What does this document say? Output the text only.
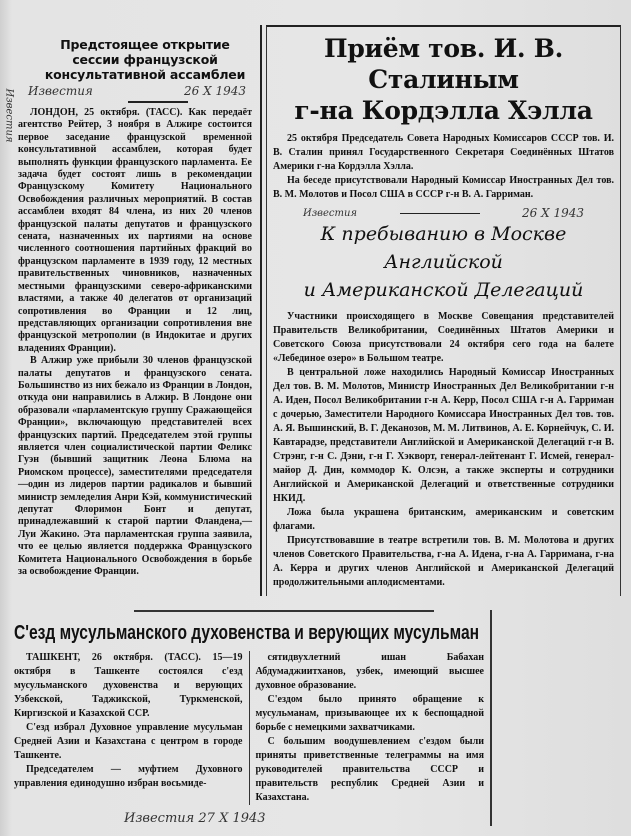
Известия
Предстоящее открытие сессии французской консультативной ассамблеи
Известия	26 X 1943

ЛОНДОН, 25 октября. (ТАСС). Как передаёт агентство Рейтер, 3 ноября в Алжире состоится первое заседание французской временной консультативной ассамблеи, которая будет выполнять функции французского парламента. Ее задача будет состоят лишь в рекомендации Французскому Комитету Национального Освобождения различных мероприятий. В состав ассамблеи входят 84 члена, из них 20 членов французской палаты депутатов и французского сената, назначенных их партиями на основе численного соотношения партийных фракций во французском парламенте в 1939 году, 12 местных правительственных чиновников, назначенных местными французскими северо-африканскими властями, а также 40 делегатов от организаций сопротивления во Франции и 12 лиц, представляющих организации сопротивления вне французской метрополии (в Индокитае и других владениях Франции).

В Алжир уже прибыли 30 членов французской палаты депутатов и французского сената. Большинство из них бежало из Франции в Лондон, откуда они направились в Алжир. В Лондоне они образовали «парламентскую группу Сражающейся Франции», включающую представителей всех французских партий. Председателем этой группы является член социалистической партии Феликс Гуэн (бывший защитник Леона Блюма на Риомском процессе), заместителями председателя—один из лидеров партии радикалов и бывший министр земледелия Анри Кэй, коммунистический депутат Флоримон Бонт и депутат, принадлежавший к старой партии Фландена,— Луи Жакино. Эта парламентская группа заявила, что ее целью является поддержка Французского Комитета Национального Освобождения в борьбе за освобождение Франции.

Приём тов. И. В. Сталиным
г-на Кордэлла Хэлла

25 октября Председатель Совета Народных Комиссаров СССР тов. И. В. Сталин принял Государственного Секретаря Соединённых Штатов Америки г-на Кордэлла Хэлла.

На беседе присутствовали Народный Комиссар Иностранных Дел тов. В. М. Молотов и Посол США в СССР г-н В. А. Гарриман.

Известия	26 X 1943
К пребыванию в Москве Английской
и Американской Делегаций

Участники происходящего в Москве Совещания представителей Правительств Великобритании, Соединённых Штатов Америки и Советского Союза присутствовали 24 октября сего года на балете «Лебединое озеро» в Большом театре.

В центральной ложе находились Народный Комиссар Иностранных Дел тов. В. М. Молотов, Министр Иностранных Дел Великобритании г-н А. Иден, Посол Великобритании г-н А. Керр, Посол США г-н А. Гарриман с дочерью, Заместители Народного Комиссара Иностранных Дел тов. тов. А. Я. Вышинский, В. Г. Деканозов, М. М. Литвинов, А. Е. Корнейчук, С. И. Кавтарадзе, представители Английской и Американской Делегаций г-н В. Стрэнг, г-н С. Дэни, г-н Г. Хэкворт, генерал-лейтенант Г. Исмей, генерал-майор Д. Дин, коммодор К. Олсэн, а также эксперты и сотрудники Английской и Американской Делегаций и ответственные сотрудники НКИД.

Ложа была украшена британским, американским и советским флагами.

Присутствовавшие в театре встретили тов. В. М. Молотова и других членов Советского Правительства, г-на А. Идена, г-на А. Гарримана, г-на А. Керра и других членов Английской и Американской Делегаций продолжительными аплодисментами.

С'езд мусульманского духовенства и верующих мусульман

ТАШКЕНТ, 26 октября. (ТАСС). 15—19 октября в Ташкенте состоялся с'езд мусульманского духовенства и верующих Узбекской, Таджикской, Туркменской, Киргизской и Казахской ССР.

С'езд избрал Духовное управление мусульман Средней Азии и Казахстана с центром в городе Ташкенте.

Председателем — муфтием Духовного управления единодушно избран восьмиде-

сятидвухлетний ишан Бабахан Абдумаджиитханов, узбек, имеющий высшее духовное образование.

С'ездом было принято обращение к мусульманам, призывающее их к беспощадной борьбе с немецкими захватчиками.

С большим воодушевлением с'ездом были приняты приветственные телеграммы на имя руководителей правительства СССР и правительств республик Средней Азии и Казахстана.

Известия 27 X 1943
